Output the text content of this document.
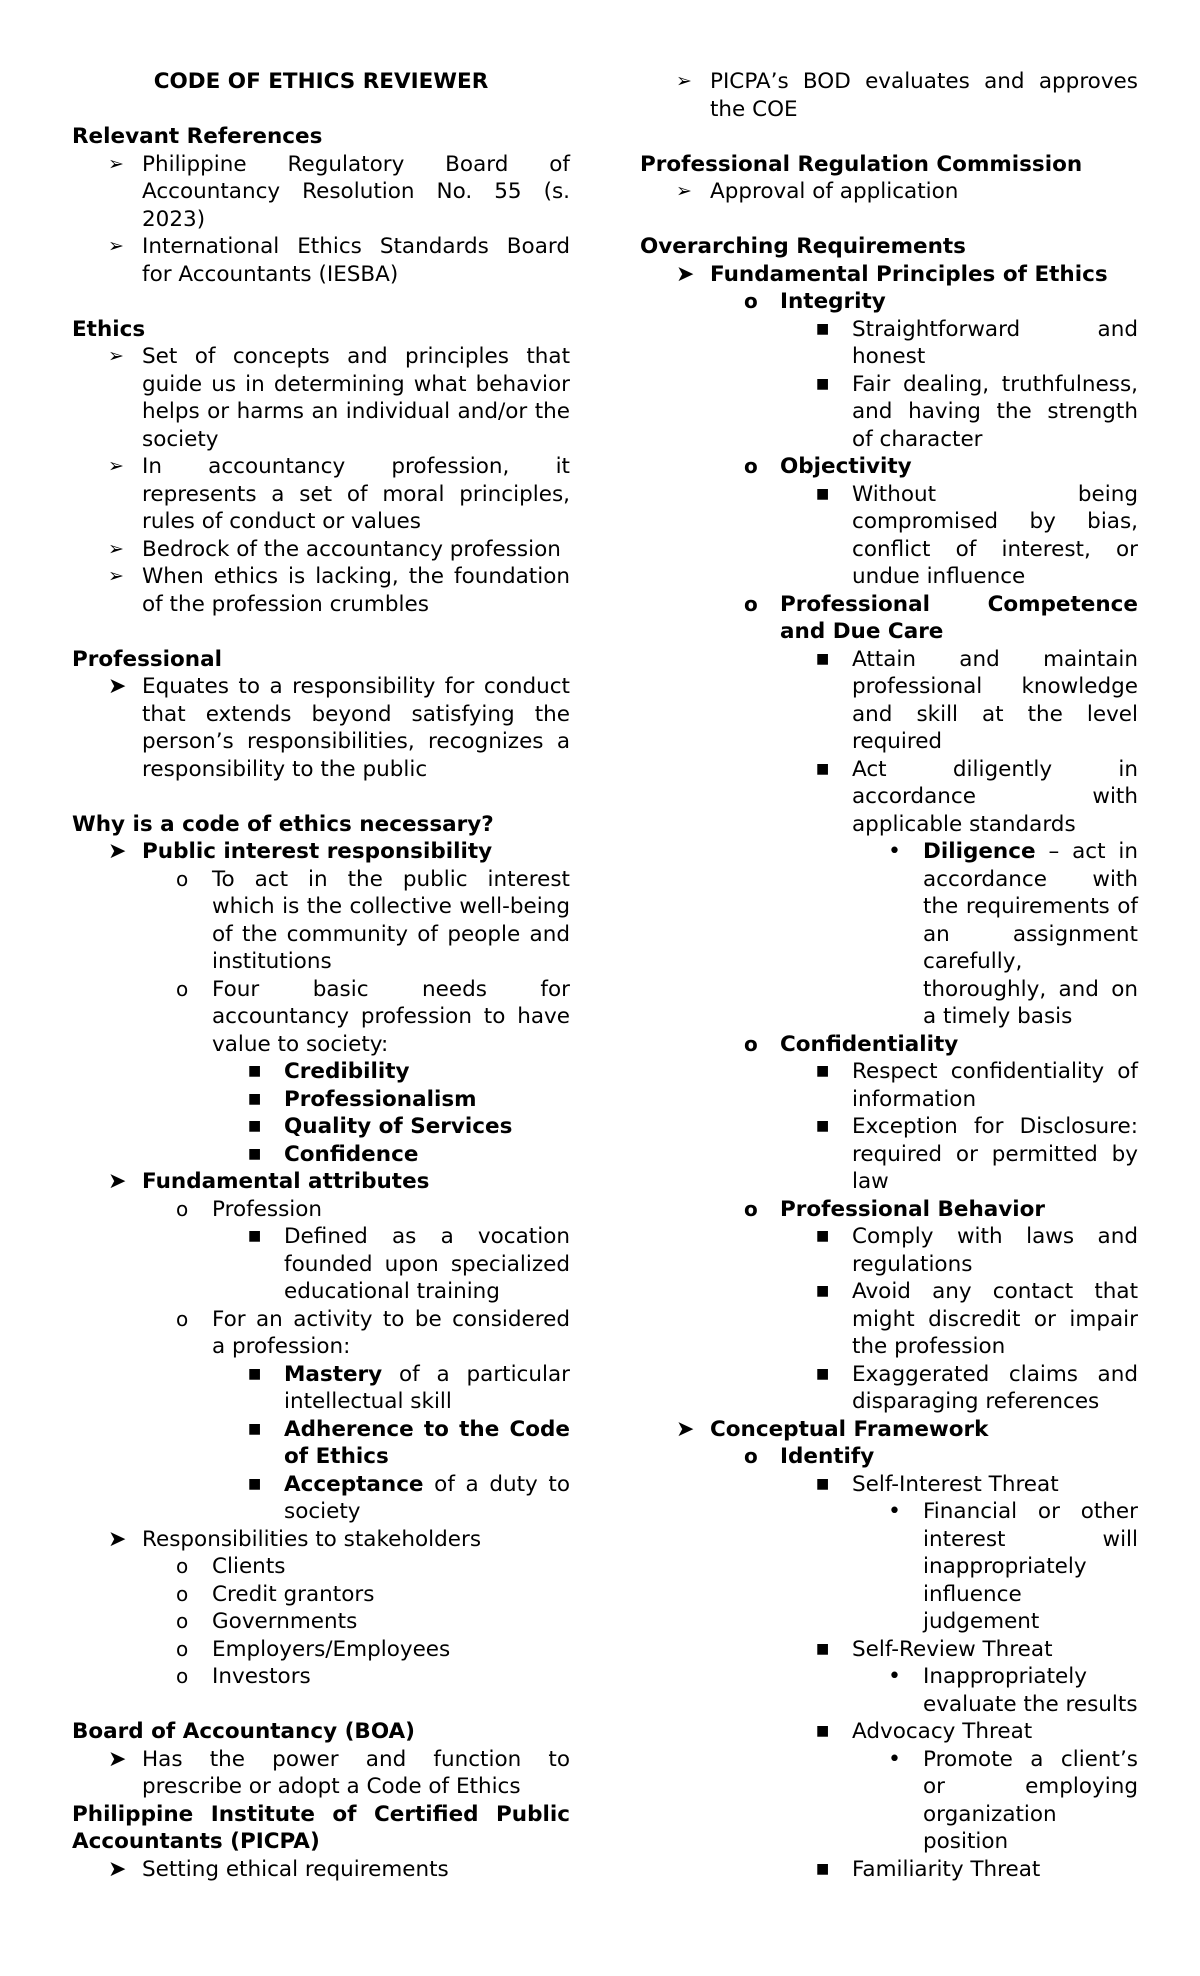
CODE OF ETHICS REVIEWER
Relevant References
➢ Philippine Regulatory Board of Accountancy Resolution No. 55 (s. 2023)
➢ International Ethics Standards Board for Accountants (IESBA)
Ethics
➢ Set of concepts and principles that guide us in determining what behavior helps or harms an individual and/or the society
➢ In accountancy profession, it represents a set of moral principles, rules of conduct or values
➢ Bedrock of the accountancy profession
➢ When ethics is lacking, the foundation of the profession crumbles
Professional
➤ Equates to a responsibility for conduct that extends beyond satisfying the person’s responsibilities, recognizes a responsibility to the public
Why is a code of ethics necessary?
➤ Public interest responsibility
o To act in the public interest which is the collective well-being of the community of people and institutions
o Four basic needs for accountancy profession to have value to society:
■ Credibility
■ Professionalism
■ Quality of Services
■ Confidence
➤ Fundamental attributes
o Profession
■ Defined as a vocation founded upon specialized educational training
o For an activity to be considered a profession:
■ Mastery of a particular intellectual skill
■ Adherence to the Code of Ethics
■ Acceptance of a duty to society
➤ Responsibilities to stakeholders
o Clients
o Credit grantors
o Governments
o Employers/Employees
o Investors
Board of Accountancy (BOA)
➤ Has the power and function to prescribe or adopt a Code of Ethics
Philippine Institute of Certified Public Accountants (PICPA)
➤ Setting ethical requirements
➢ PICPA’s BOD evaluates and approves the COE
Professional Regulation Commission
➢ Approval of application
Overarching Requirements
➤ Fundamental Principles of Ethics
o Integrity
■ Straightforward and honest
■ Fair dealing, truthfulness, and having the strength of character
o Objectivity
■ Without being compromised by bias, conflict of interest, or undue influence
o Professional Competence and Due Care
■ Attain and maintain professional knowledge and skill at the level required
■ Act diligently in accordance with applicable standards
• Diligence – act in accordance with the requirements of an assignment carefully, thoroughly, and on a timely basis
o Confidentiality
■ Respect confidentiality of information
■ Exception for Disclosure: required or permitted by law
o Professional Behavior
■ Comply with laws and regulations
■ Avoid any contact that might discredit or impair the profession
■ Exaggerated claims and disparaging references
➤ Conceptual Framework
o Identify
■ Self-Interest Threat
• Financial or other interest will inappropriately influence judgement
■ Self-Review Threat
• Inappropriately evaluate the results
■ Advocacy Threat
• Promote a client’s or employing organization position
■ Familiarity Threat
